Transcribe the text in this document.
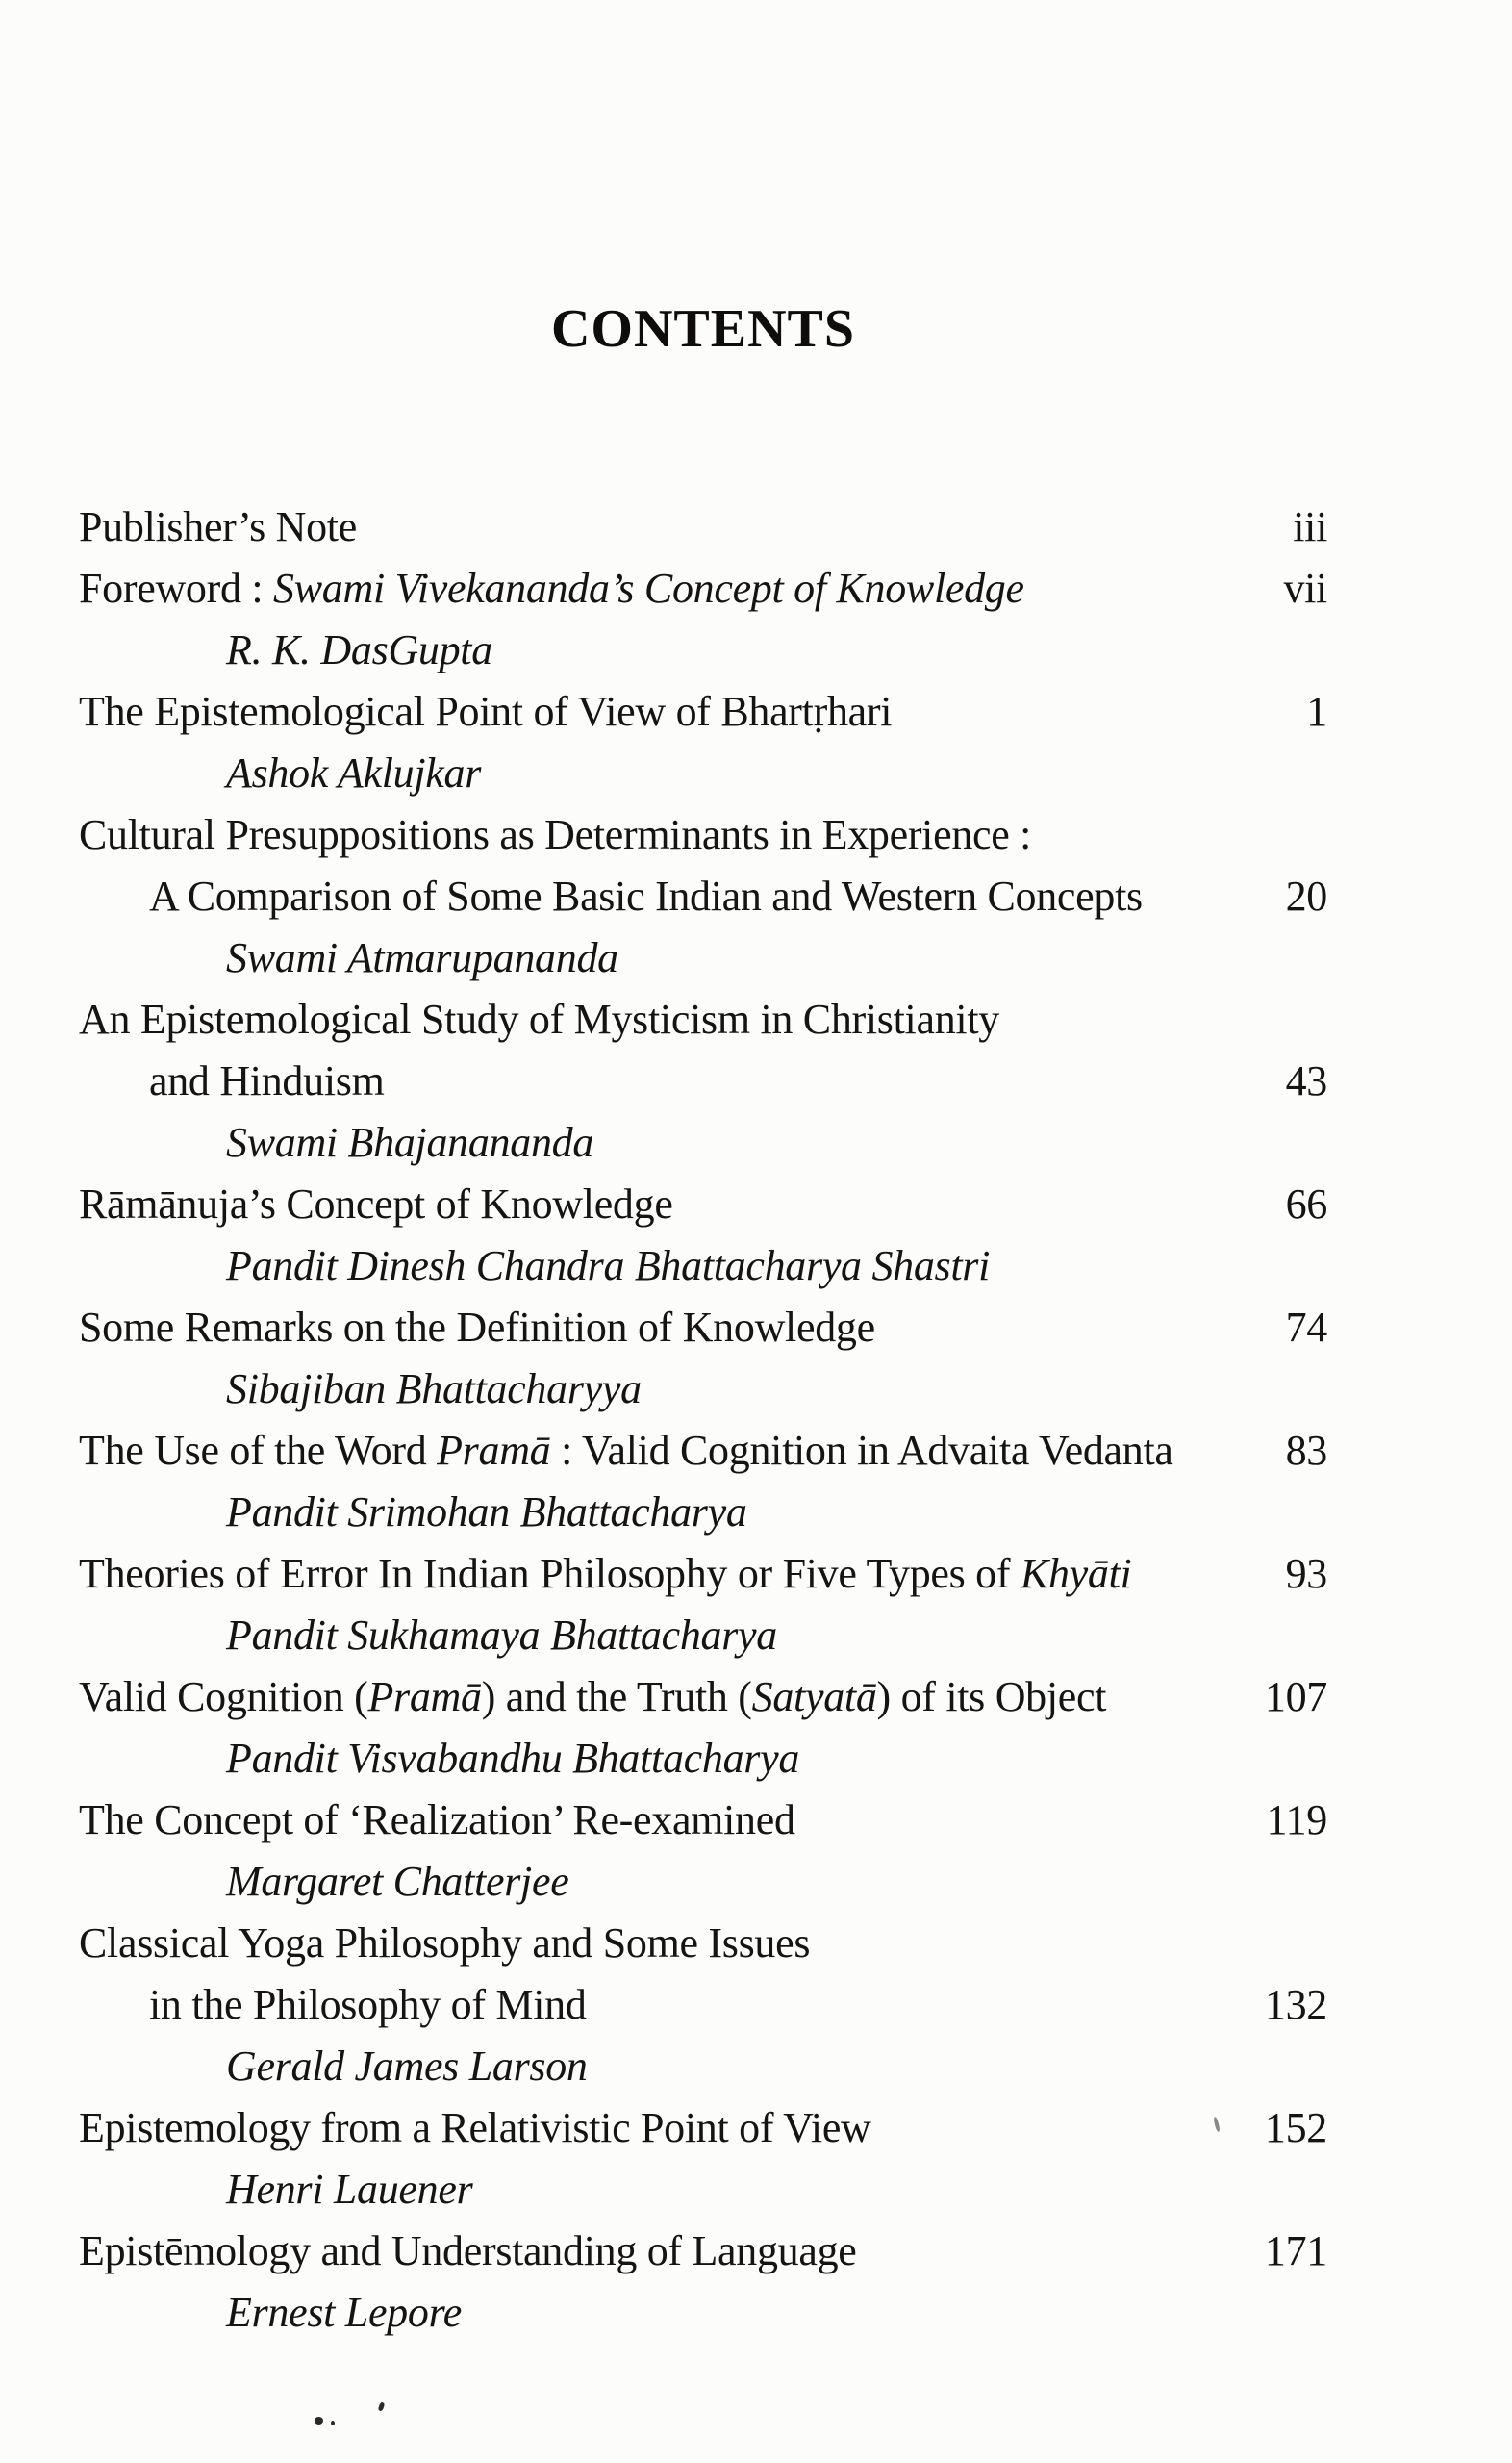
CONTENTS
Publisher’s Note	iii
Foreword : Swami Vivekananda’s Concept of Knowledge	vii
R. K. DasGupta
The Epistemological Point of View of Bhartṛhari	1
Ashok Aklujkar
Cultural Presuppositions as Determinants in Experience :
A Comparison of Some Basic Indian and Western Concepts	20
Swami Atmarupananda
An Epistemological Study of Mysticism in Christianity
and Hinduism	43
Swami Bhajanananda
Rāmānuja’s Concept of Knowledge	66
Pandit Dinesh Chandra Bhattacharya Shastri
Some Remarks on the Definition of Knowledge	74
Sibajiban Bhattacharyya
The Use of the Word Pramā : Valid Cognition in Advaita Vedanta	83
Pandit Srimohan Bhattacharya
Theories of Error In Indian Philosophy or Five Types of Khyāti	93
Pandit Sukhamaya Bhattacharya
Valid Cognition (Pramā) and the Truth (Satyatā) of its Object	107
Pandit Visvabandhu Bhattacharya
The Concept of ‘Realization’ Re-examined	119
Margaret Chatterjee
Classical Yoga Philosophy and Some Issues
in the Philosophy of Mind	132
Gerald James Larson
Epistemology from a Relativistic Point of View	152
Henri Lauener
Epistēmology and Understanding of Language	171
Ernest Lepore
